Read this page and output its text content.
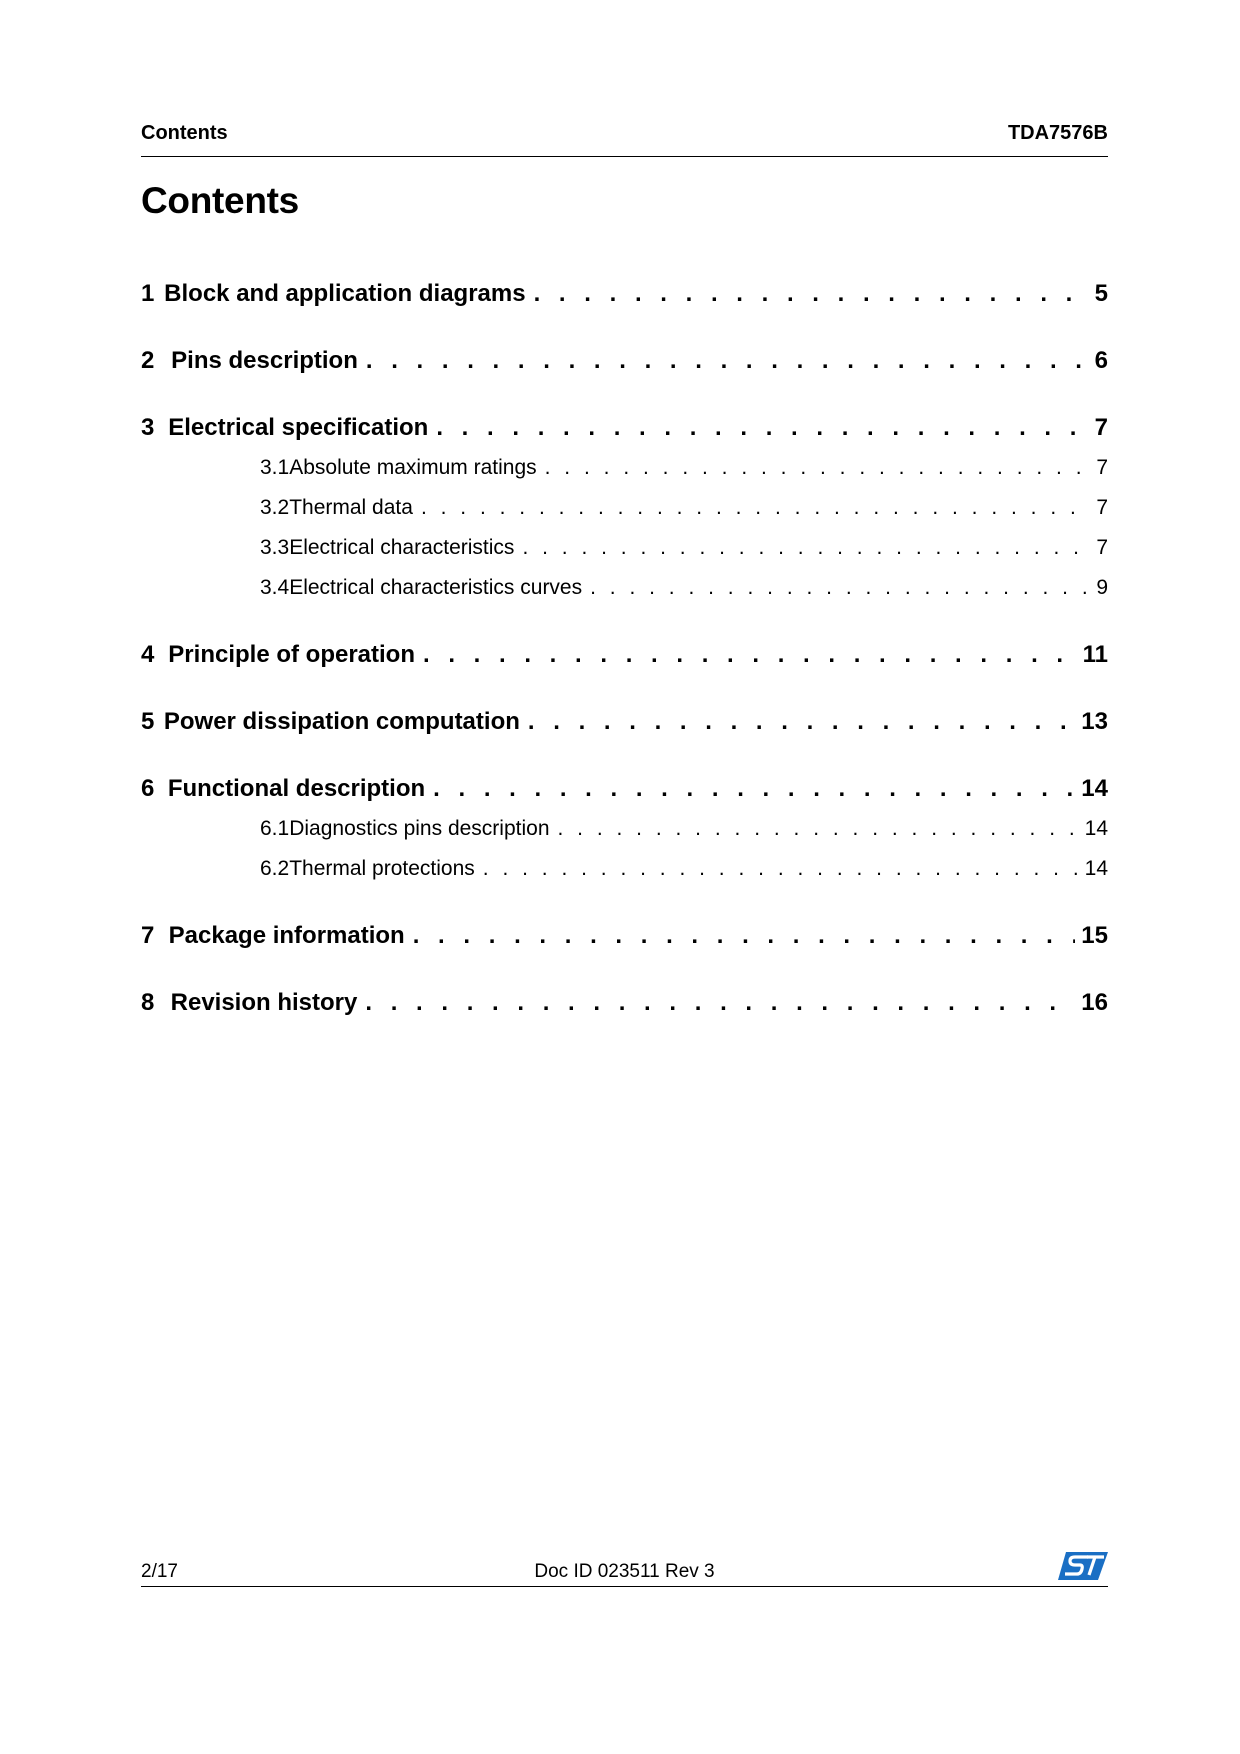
Contents	TDA7576B
Contents
1 Block and application diagrams . . .	5
2 Pins description . . .	6
3 Electrical specification . . .	7
3.1 Absolute maximum ratings . . .	7
3.2 Thermal data . . .	7
3.3 Electrical characteristics . . .	7
3.4 Electrical characteristics curves . . .	9
4 Principle of operation . . .	11
5 Power dissipation computation . . .	13
6 Functional description . . .	14
6.1 Diagnostics pins description . . .	14
6.2 Thermal protections . . .	14
7 Package information . . .	15
8 Revision history . . .	16
2/17	Doc ID 023511 Rev 3
